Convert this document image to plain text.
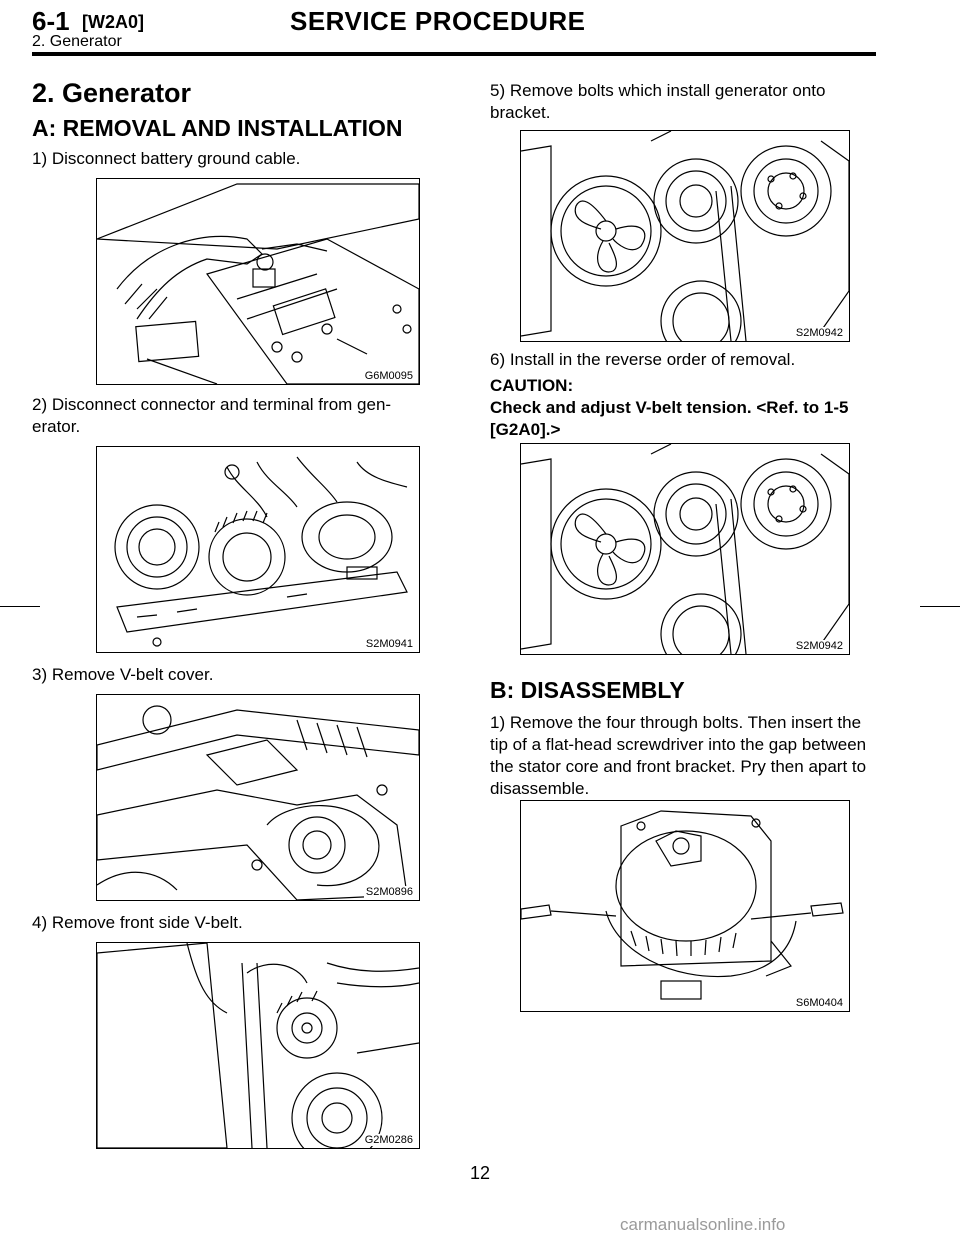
6-1 [W2A0]	SERVICE PROCEDURE
2. Generator
2. Generator
A: REMOVAL AND INSTALLATION
1) Disconnect battery ground cable.
G6M0095
2) Disconnect connector and terminal from gen-
erator.
S2M0941
3) Remove V-belt cover.
S2M0896
4) Remove front side V-belt.
G2M0286
5) Remove bolts which install generator onto
bracket.
S2M0942
6) Install in the reverse order of removal.
CAUTION:
Check and adjust V-belt tension. <Ref. to 1-5
[G2A0].>
S2M0942
B: DISASSEMBLY
1) Remove the four through bolts. Then insert the
tip of a flat-head screwdriver into the gap between
the stator core and front bracket. Pry then apart to
disassemble.
S6M0404
12
carmanualsonline.info
